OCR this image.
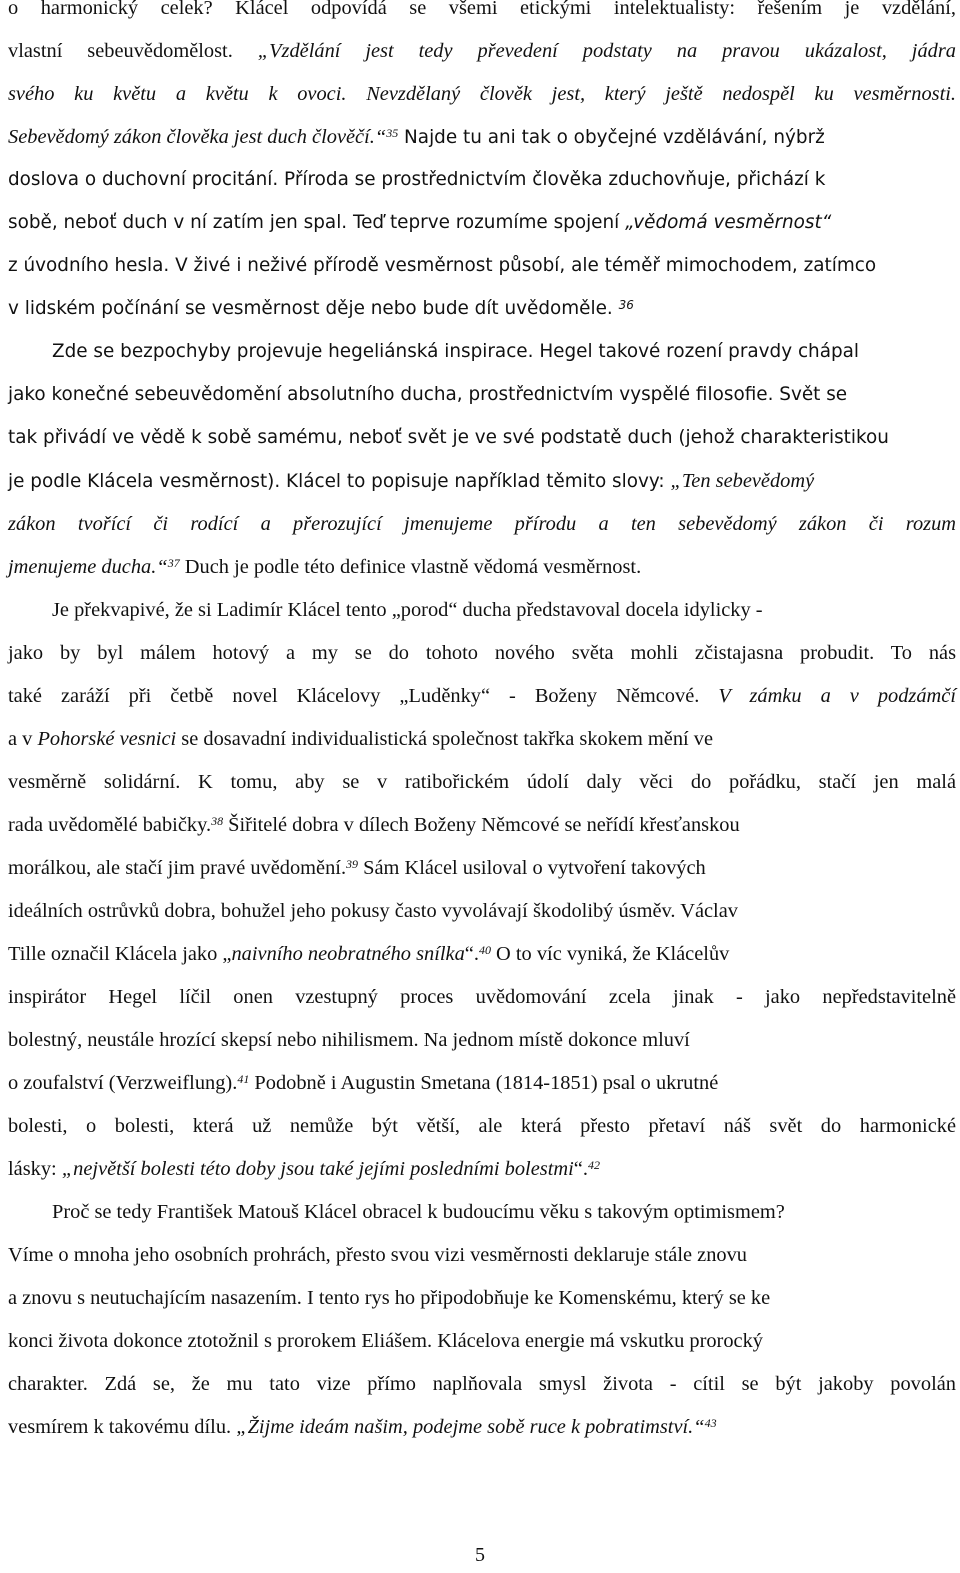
o harmonický celek? Klácel odpovídá se všemi etickými intelektualisty: řešením je vzdělání,
vlastní sebeuvědomělost. „Vzdělání jest tedy převedení podstaty na pravou ukázalost, jádra
svého ku květu a květu k ovoci. Nevzdělaný člověk jest, který ještě nedospěl ku vesměrnosti.
Sebevědomý zákon člověka jest duch člověčí.“$^{35}$ Najde tu ani tak o obyčejné vzdělávání, nýbrž
doslova o duchovní procitání. Příroda se prostřednictvím člověka zduchovňuje, přichází k
sobě, neboť duch v ní zatím jen spal. Teď teprve rozumíme spojení „vědomá vesměrnost“
z úvodního hesla. V živé i neživé přírodě vesměrnost působí, ale téměř mimochodem, zatímco
v lidském počínání se vesměrnost děje nebo bude dít uvědoměle. $^{36}$
Zde se bezpochyby projevuje hegeliánská inspirace. Hegel takové rození pravdy chápal
jako konečné sebeuvědomění absolutního ducha, prostřednictvím vyspělé filosofie. Svět se
tak přivádí ve vědě k sobě samému, neboť svět je ve své podstatě duch (jehož charakteristikou
je podle Klácela vesměrnost). Klácel to popisuje například těmito slovy: „Ten sebevědomý
zákon tvořící či rodící a přerozující jmenujeme přírodu a ten sebevědomý zákon či rozum
jmenujeme ducha.“$^{37}$ Duch je podle této definice vlastně vědomá vesměrnost.
Je překvapivé, že si Ladimír Klácel tento „porod“ ducha představoval docela idylicky -
jako by byl málem hotový a my se do tohoto nového světa mohli zčistajasna probudit. To nás
také zaráží při četbě novel Klácelovy „Luděnky“ - Boženy Němcové. V zámku a v podzámčí
a v Pohorské vesnici se dosavadní individualistická společnost takřka skokem mění ve
vesměrně solidární. K tomu, aby se v ratibořickém údolí daly věci do pořádku, stačí jen malá
rada uvědomělé babičky.$^{38}$ Šiřitelé dobra v dílech Boženy Němcové se neřídí křesťanskou
morálkou, ale stačí jim pravé uvědomění.$^{39}$ Sám Klácel usiloval o vytvoření takových
ideálních ostrůvků dobra, bohužel jeho pokusy často vyvolávají škodolibý úsměv. Václav
Tille označil Klácela jako „naivního neobratného snílka“.$^{40}$ O to víc vyniká, že Klácelův
inspirátor Hegel líčil onen vzestupný proces uvědomování zcela jinak - jako nepředstavitelně
bolestný, neustále hrozící skepsí nebo nihilismem. Na jednom místě dokonce mluví
o zoufalství (Verzweiflung).$^{41}$ Podobně i Augustin Smetana (1814-1851) psal o ukrutné
bolesti, o bolesti, která už nemůže být větší, ale která přesto přetaví náš svět do harmonické
lásky: „největší bolesti této doby jsou také jejími posledními bolestmi“.$^{42}$
Proč se tedy František Matouš Klácel obracel k budoucímu věku s takovým optimismem?
Víme o mnoha jeho osobních prohrách, přesto svou vizi vesměrnosti deklaruje stále znovu
a znovu s neutuchajícím nasazením. I tento rys ho připodobňuje ke Komenskému, který se ke
konci života dokonce ztotožnil s prorokem Eliášem. Klácelova energie má vskutku prorocký
charakter. Zdá se, že mu tato vize přímo naplňovala smysl života - cítil se být jakoby povolán
vesmírem k takovému dílu. „Žijme ideám našim, podejme sobě ruce k pobratimství.“$^{43}$
5
